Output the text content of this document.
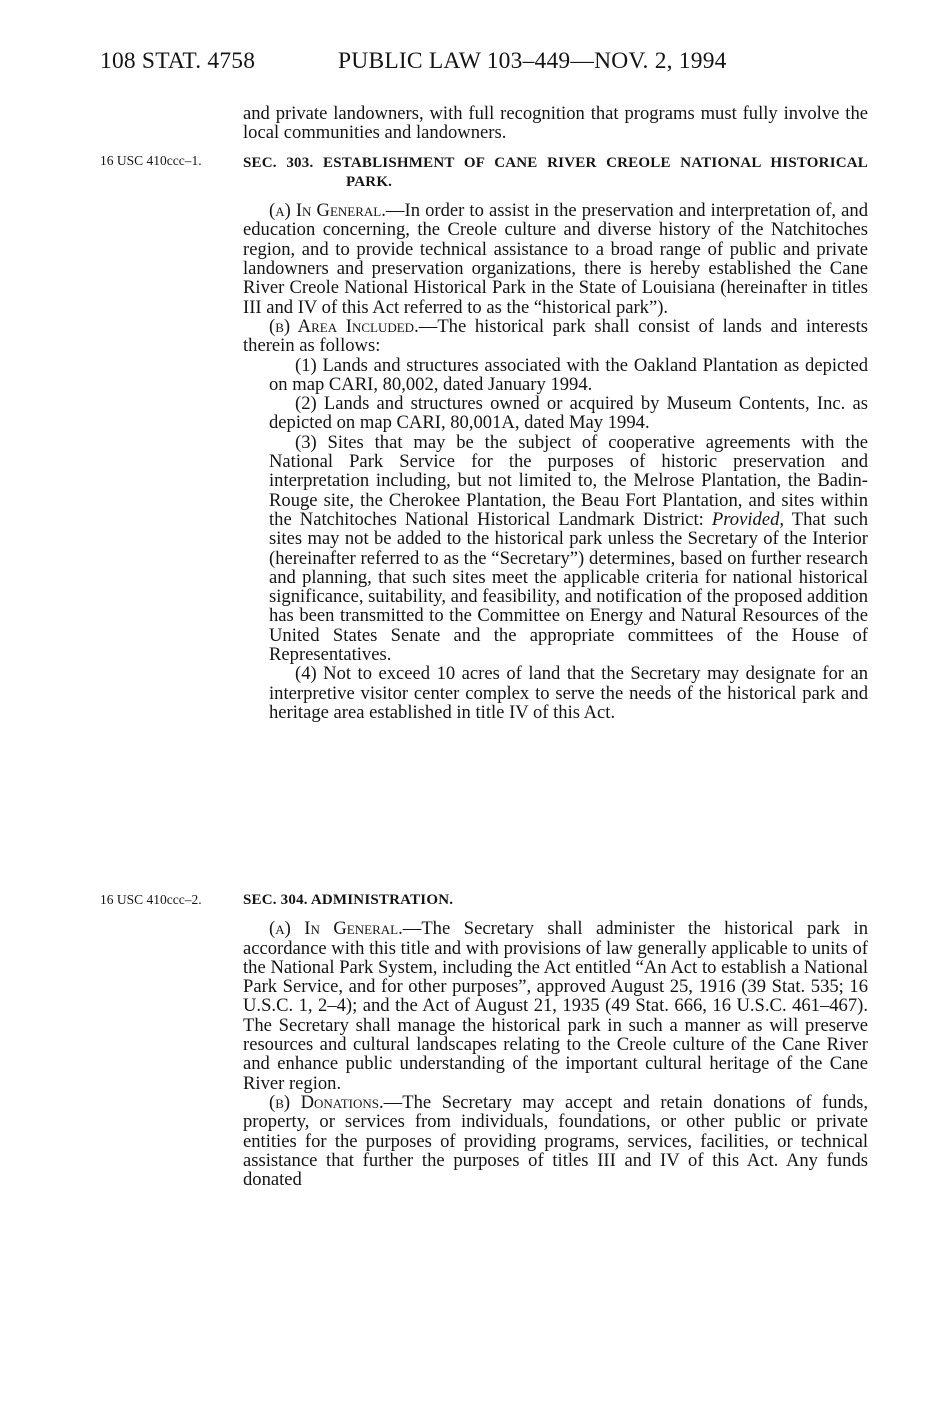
108 STAT. 4758	PUBLIC LAW 103–449—NOV. 2, 1994
16 USC 410ccc–1.
16 USC 410ccc–2.

and private landowners, with full recognition that programs must fully involve the local communities and landowners.

SEC. 303. ESTABLISHMENT OF CANE RIVER CREOLE NATIONAL HISTORICAL PARK.

(a) In General.—In order to assist in the preservation and interpretation of, and education concerning, the Creole culture and diverse history of the Natchitoches region, and to provide technical assistance to a broad range of public and private landowners and preservation organizations, there is hereby established the Cane River Creole National Historical Park in the State of Louisiana (hereinafter in titles III and IV of this Act referred to as the “historical park”).

(b) Area Included.—The historical park shall consist of lands and interests therein as follows:

(1) Lands and structures associated with the Oakland Plantation as depicted on map CARI, 80,002, dated January 1994.

(2) Lands and structures owned or acquired by Museum Contents, Inc. as depicted on map CARI, 80,001A, dated May 1994.

(3) Sites that may be the subject of cooperative agreements with the National Park Service for the purposes of historic preservation and interpretation including, but not limited to, the Melrose Plantation, the Badin-Rouge site, the Cherokee Plantation, the Beau Fort Plantation, and sites within the Natchitoches National Historical Landmark District: Provided, That such sites may not be added to the historical park unless the Secretary of the Interior (hereinafter referred to as the “Secretary”) determines, based on further research and planning, that such sites meet the applicable criteria for national historical significance, suitability, and feasibility, and notification of the proposed addition has been transmitted to the Committee on Energy and Natural Resources of the United States Senate and the appropriate committees of the House of Representatives.

(4) Not to exceed 10 acres of land that the Secretary may designate for an interpretive visitor center complex to serve the needs of the historical park and heritage area established in title IV of this Act.

SEC. 304. ADMINISTRATION.

(a) In General.—The Secretary shall administer the historical park in accordance with this title and with provisions of law generally applicable to units of the National Park System, including the Act entitled “An Act to establish a National Park Service, and for other purposes”, approved August 25, 1916 (39 Stat. 535; 16 U.S.C. 1, 2–4); and the Act of August 21, 1935 (49 Stat. 666, 16 U.S.C. 461–467). The Secretary shall manage the historical park in such a manner as will preserve resources and cultural landscapes relating to the Creole culture of the Cane River and enhance public understanding of the important cultural heritage of the Cane River region.

(b) Donations.—The Secretary may accept and retain donations of funds, property, or services from individuals, foundations, or other public or private entities for the purposes of providing programs, services, facilities, or technical assistance that further the purposes of titles III and IV of this Act. Any funds donated
